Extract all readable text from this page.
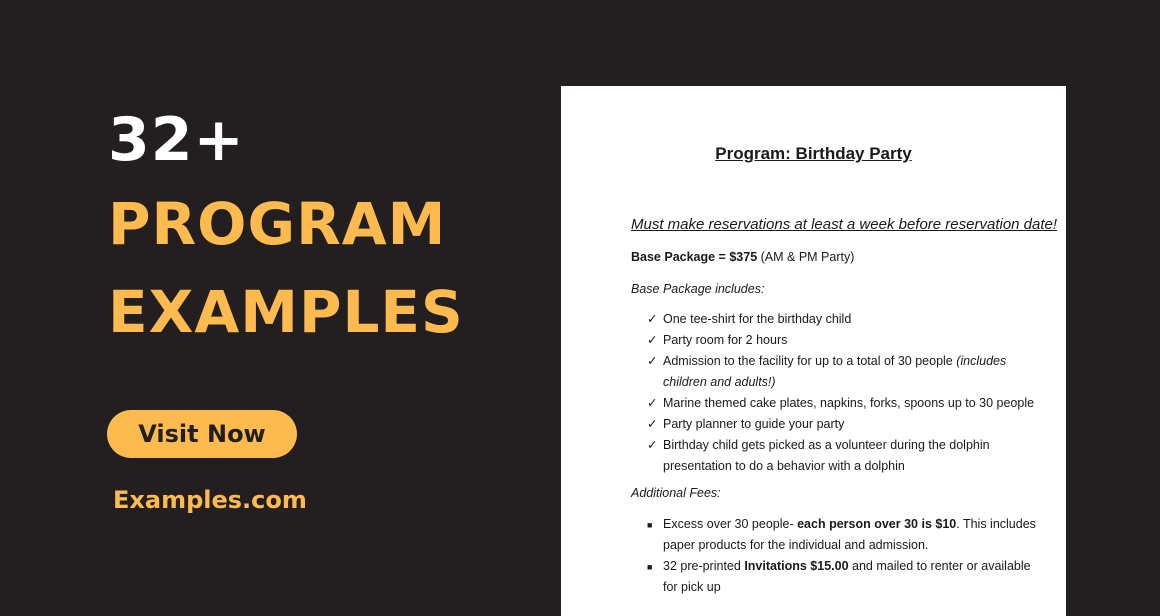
32+
PROGRAM
EXAMPLES
Visit Now
Examples.com
Program: Birthday Party
Must make reservations at least a week before reservation date!
Base Package = $375 (AM & PM Party)
Base Package includes:
✓ One tee-shirt for the birthday child
✓ Party room for 2 hours
✓ Admission to the facility for up to a total of 30 people (includes children and adults!)
✓ Marine themed cake plates, napkins, forks, spoons up to 30 people
✓ Party planner to guide your party
✓ Birthday child gets picked as a volunteer during the dolphin presentation to do a behavior with a dolphin
Additional Fees:
■ Excess over 30 people- each person over 30 is $10. This includes paper products for the individual and admission.
■ 32 pre-printed Invitations $15.00 and mailed to renter or available for pick up
